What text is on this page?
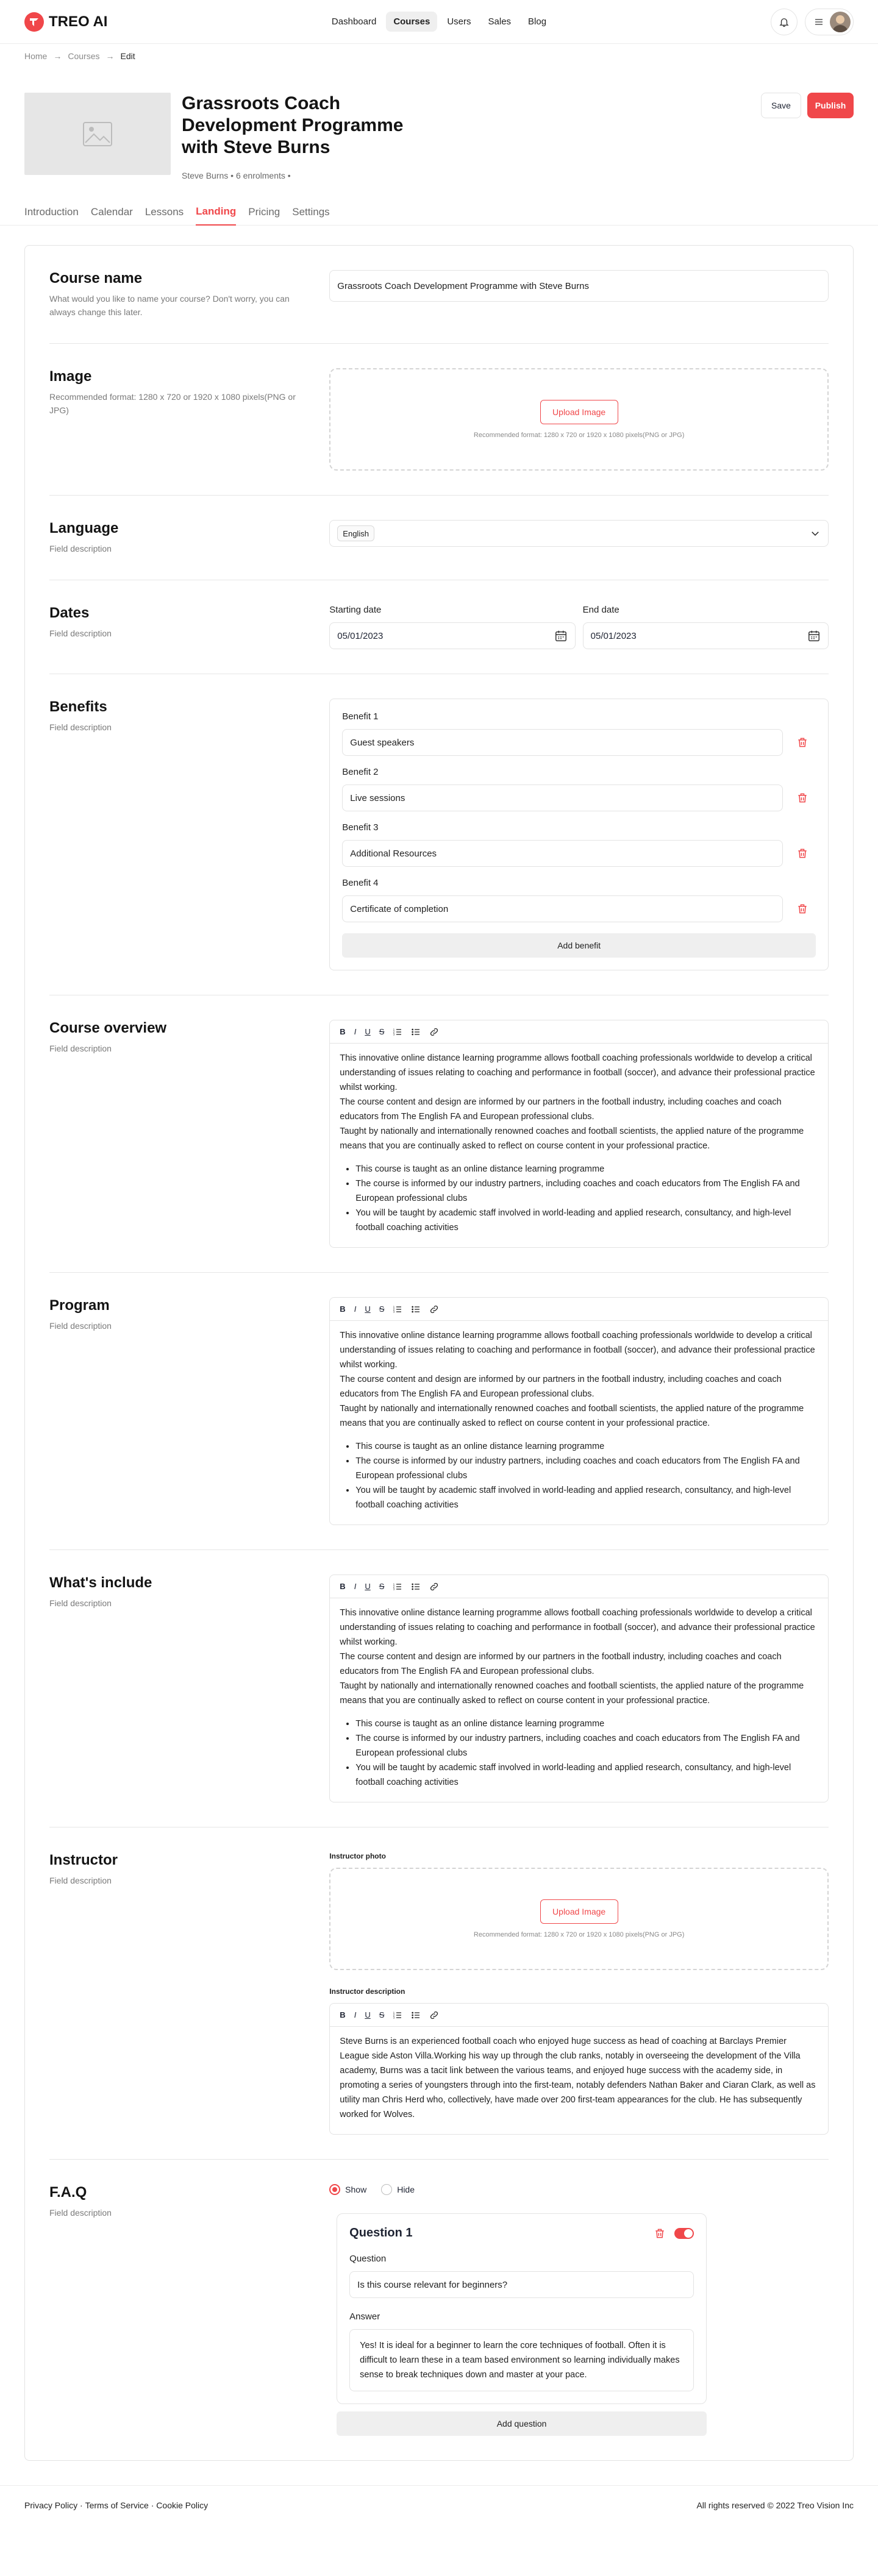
TREO AI	Dashboard	Courses	Users	Sales	Blog
Home → Courses → Edit
Grassroots Coach Development Programme with Steve Burns
Steve Burns • 6 enrolments •
Save	Publish
Introduction Calendar Lessons Landing Pricing Settings
Course name
What would you like to name your course? Don't worry, you can always change this later.
Grassroots Coach Development Programme with Steve Burns
Image
Recommended format: 1280 x 720 or 1920 x 1080 pixels(PNG or JPG)	Upload Image
Recommended format: 1280 x 720 or 1920 x 1080 pixels(PNG or JPG)
Language
Field description
English
Dates
Field description
Starting date
05/01/2023
End date
05/01/2023
Benefits
Field description
Benefit 1
Guest speakers
Benefit 2
Live sessions
Benefit 3
Additional Resources
Benefit 4
Certificate of completion
Add benefit
Course overview
Field description
B I U S 1
2
3
This innovative online distance learning programme allows football coaching professionals worldwide to develop a critical understanding of issues relating to coaching and performance in football (soccer), and advance their professional practice whilst working.
The course content and design are informed by our partners in the football industry, including coaches and coach educators from The English FA and European professional clubs.
Taught by nationally and internationally renowned coaches and football scientists, the applied nature of the programme means that you are continually asked to reflect on course content in your professional practice.
• This course is taught as an online distance learning programme
• The course is informed by our industry partners, including coaches and coach educators from The English FA and European professional clubs
• You will be taught by academic staff involved in world-leading and applied research, consultancy, and high-level football coaching activities
Program
Field description
B I U S 1
2
3
This innovative online distance learning programme allows football coaching professionals worldwide to develop a critical understanding of issues relating to coaching and performance in football (soccer), and advance their professional practice whilst working.
The course content and design are informed by our partners in the football industry, including coaches and coach educators from The English FA and European professional clubs.
Taught by nationally and internationally renowned coaches and football scientists, the applied nature of the programme means that you are continually asked to reflect on course content in your professional practice.
• This course is taught as an online distance learning programme
• The course is informed by our industry partners, including coaches and coach educators from The English FA and European professional clubs
• You will be taught by academic staff involved in world-leading and applied research, consultancy, and high-level football coaching activities
What's include
Field description
B I U S 1
2
3
This innovative online distance learning programme allows football coaching professionals worldwide to develop a critical understanding of issues relating to coaching and performance in football (soccer), and advance their professional practice whilst working.
The course content and design are informed by our partners in the football industry, including coaches and coach educators from The English FA and European professional clubs.
Taught by nationally and internationally renowned coaches and football scientists, the applied nature of the programme means that you are continually asked to reflect on course content in your professional practice.
• This course is taught as an online distance learning programme
• The course is informed by our industry partners, including coaches and coach educators from The English FA and European professional clubs
• You will be taught by academic staff involved in world-leading and applied research, consultancy, and high-level football coaching activities
Instructor
Field description
Instructor photo
Upload Image
Recommended format: 1280 x 720 or 1920 x 1080 pixels(PNG or JPG)
Instructor description
B I U S 1
2
3
Steve Burns is an experienced football coach who enjoyed huge success as head of coaching at Barclays Premier League side Aston Villa.Working his way up through the club ranks, notably in overseeing the development of the Villa academy, Burns was a tacit link between the various teams, and enjoyed huge success with the academy side, in promoting a series of youngsters through into the first-team, notably defenders Nathan Baker and Ciaran Clark, as well as utility man Chris Herd who, collectively, have made over 200 first-team appearances for the club. He has subsequently worked for Wolves.
F.A.Q
Field description
Show	Hide
Question 1
Question
Is this course relevant for beginners?
Answer
Yes! It is ideal for a beginner to learn the core techniques of football. Often it is difficult to learn these in a team based environment so learning individually makes sense to break techniques down and master at your pace.
Add question
Privacy Policy · Terms of Service · Cookie Policy	All rights reserved © 2022 Treo Vision Inc
